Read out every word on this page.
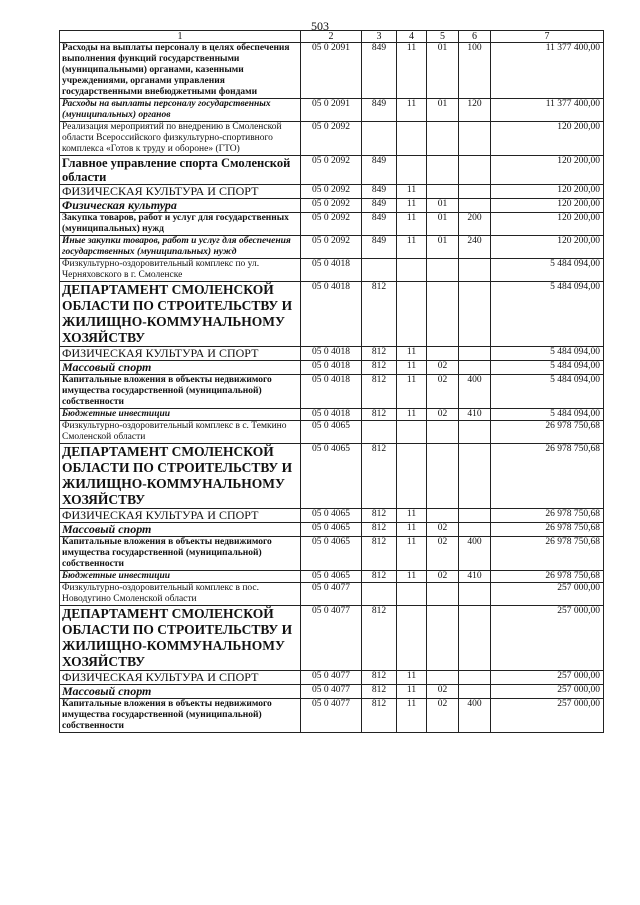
503
1	2	3	4	5	6	7
Расходы на выплаты персоналу в целях обеспечения выполнения функций государственными (муниципальными) органами, казенными учреждениями, органами управления государственными внебюджетными фондами	05 0 2091	849	11	01	100	11 377 400,00
Расходы на выплаты персоналу государственных (муниципальных) органов	05 0 2091	849	11	01	120	11 377 400,00
Реализация мероприятий по внедрению в Смоленской области Всероссийского физкультурно-спортивного комплекса «Готов к труду и обороне» (ГТО)	05 0 2092					120 200,00
Главное управление спорта Смоленской области	05 0 2092	849				120 200,00
ФИЗИЧЕСКАЯ КУЛЬТУРА И СПОРТ	05 0 2092	849	11			120 200,00
Физическая культура	05 0 2092	849	11	01		120 200,00
Закупка товаров, работ и услуг для государственных (муниципальных) нужд	05 0 2092	849	11	01	200	120 200,00
Иные закупки товаров, работ и услуг для обеспечения государственных (муниципальных) нужд	05 0 2092	849	11	01	240	120 200,00
Физкультурно-оздоровительный комплекс по ул. Черняховского в г. Смоленске	05 0 4018					5 484 094,00
ДЕПАРТАМЕНТ СМОЛЕНСКОЙ ОБЛАСТИ ПО СТРОИТЕЛЬСТВУ И ЖИЛИЩНО-КОММУНАЛЬНОМУ ХОЗЯЙСТВУ	05 0 4018	812				5 484 094,00
ФИЗИЧЕСКАЯ КУЛЬТУРА И СПОРТ	05 0 4018	812	11			5 484 094,00
Массовый спорт	05 0 4018	812	11	02		5 484 094,00
Капитальные вложения в объекты недвижимого имущества государственной (муниципальной) собственности	05 0 4018	812	11	02	400	5 484 094,00
Бюджетные инвестиции	05 0 4018	812	11	02	410	5 484 094,00
Физкультурно-оздоровительный комплекс в с. Темкино Смоленской области	05 0 4065					26 978 750,68
ДЕПАРТАМЕНТ СМОЛЕНСКОЙ ОБЛАСТИ ПО СТРОИТЕЛЬСТВУ И ЖИЛИЩНО-КОММУНАЛЬНОМУ ХОЗЯЙСТВУ	05 0 4065	812				26 978 750,68
ФИЗИЧЕСКАЯ КУЛЬТУРА И СПОРТ	05 0 4065	812	11			26 978 750,68
Массовый спорт	05 0 4065	812	11	02		26 978 750,68
Капитальные вложения в объекты недвижимого имущества государственной (муниципальной) собственности	05 0 4065	812	11	02	400	26 978 750,68
Бюджетные инвестиции	05 0 4065	812	11	02	410	26 978 750,68
Физкультурно-оздоровительный комплекс в пос. Новодугино Смоленской области	05 0 4077					257 000,00
ДЕПАРТАМЕНТ СМОЛЕНСКОЙ ОБЛАСТИ ПО СТРОИТЕЛЬСТВУ И ЖИЛИЩНО-КОММУНАЛЬНОМУ ХОЗЯЙСТВУ	05 0 4077	812				257 000,00
ФИЗИЧЕСКАЯ КУЛЬТУРА И СПОРТ	05 0 4077	812	11			257 000,00
Массовый спорт	05 0 4077	812	11	02		257 000,00
Капитальные вложения в объекты недвижимого имущества государственной (муниципальной) собственности	05 0 4077	812	11	02	400	257 000,00
